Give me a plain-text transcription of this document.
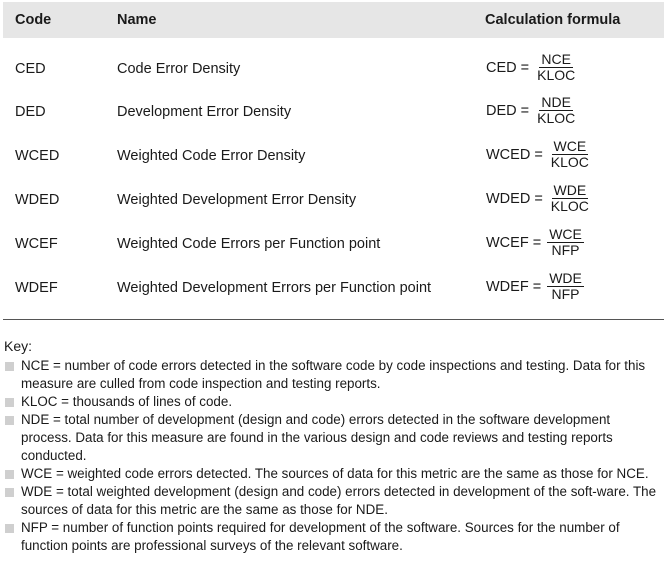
Code	Name	Calculation formula
CED	Code Error Density	CED = $\frac{\text{NCE}}{\text{KLOC}}$
DED	Development Error Density	DED = $\frac{\text{NDE}}{\text{KLOC}}$
WCED	Weighted Code Error Density	WCED = $\frac{\text{WCE}}{\text{KLOC}}$
WDED	Weighted Development Error Density	WDED = $\frac{\text{WDE}}{\text{KLOC}}$
WCEF	Weighted Code Errors per Function point	WCEF = $\frac{\text{WCE}}{\text{NFP}}$
WDEF	Weighted Development Errors per Function point	WDEF = $\frac{\text{WDE}}{\text{NFP}}$
Key:
NCE = number of code errors detected in the software code by code inspections and testing. Data for this measure are culled from code inspection and testing reports.
KLOC = thousands of lines of code.
NDE = total number of development (design and code) errors detected in the software development process. Data for this measure are found in the various design and code reviews and testing reports conducted.
WCE = weighted code errors detected. The sources of data for this metric are the same as those for NCE.
WDE = total weighted development (design and code) errors detected in development of the soft-ware. The sources of data for this metric are the same as those for NDE.
NFP = number of function points required for development of the software. Sources for the number of function points are professional surveys of the relevant software.
